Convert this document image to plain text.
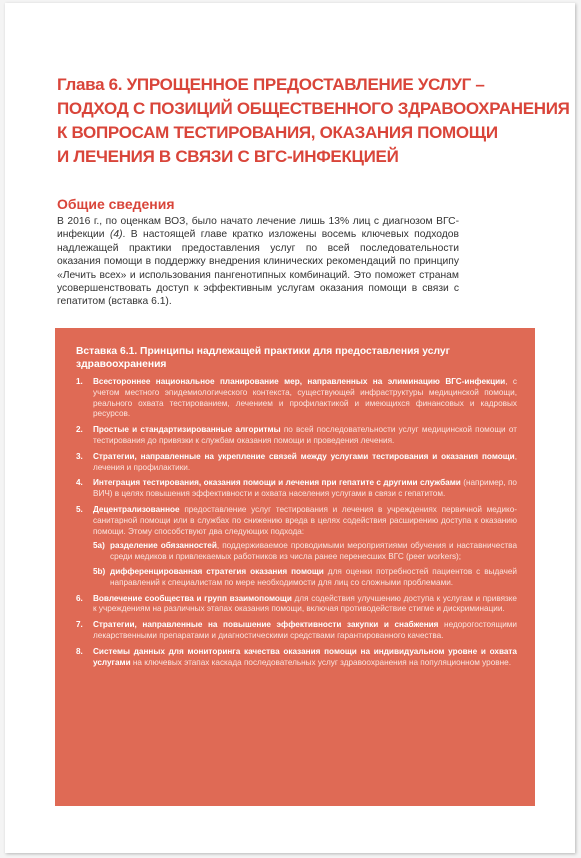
Глава 6. УПРОЩЕННОЕ ПРЕДОСТАВЛЕНИЕ УСЛУГ –
ПОДХОД С ПОЗИЦИЙ ОБЩЕСТВЕННОГО ЗДРАВООХРАНЕНИЯ
К ВОПРОСАМ ТЕСТИРОВАНИЯ, ОКАЗАНИЯ ПОМОЩИ
И ЛЕЧЕНИЯ В СВЯЗИ С ВГС-ИНФЕКЦИЕЙ
Общие сведения

В 2016 г., по оценкам ВОЗ, было начато лечение лишь 13% лиц с диагнозом ВГС-инфекции (4). В настоящей главе кратко изложены восемь ключевых подходов надлежащей практики предоставления услуг по всей последовательности оказания помощи в поддержку внедрения клинических рекомендаций по принципу «Лечить всех» и использования пангенотипных комбинаций. Это поможет странам усовершенствовать доступ к эффективным услугам оказания помощи в связи с гепатитом (вставка 6.1).

Вставка 6.1. Принципы надлежащей практики для предоставления услуг здравоохранения
1. Всестороннее национальное планирование мер, направленных на элиминацию ВГС-инфекции, с учетом местного эпидемиологического контекста, существующей инфраструктуры медицинской помощи, реального охвата тестированием, лечением и профилактикой и имеющихся финансовых и кадровых ресурсов.
2. Простые и стандартизированные алгоритмы по всей последовательности услуг медицинской помощи от тестирования до привязки к службам оказания помощи и проведения лечения.
3. Стратегии, направленные на укрепление связей между услугами тестирования и оказания помощи, лечения и профилактики.
4. Интеграция тестирования, оказания помощи и лечения при гепатите с другими службами (например, по ВИЧ) в целях повышения эффективности и охвата населения услугами в связи с гепатитом.
5. Децентрализованное предоставление услуг тестирования и лечения в учреждениях первичной медико-санитарной помощи или в службах по снижению вреда в целях содействия расширению доступа к оказанию помощи. Этому способствуют два следующих подхода:
5a) разделение обязанностей, поддерживаемое проводимыми мероприятиями обучения и наставничества среди медиков и привлекаемых работников из числа ранее перенесших ВГС (peer workers);
5b) дифференцированная стратегия оказания помощи для оценки потребностей пациентов с выдачей направлений к специалистам по мере необходимости для лиц со сложными проблемами.
6. Вовлечение сообщества и групп взаимопомощи для содействия улучшению доступа к услугам и привязке к учреждениям на различных этапах оказания помощи, включая противодействие стигме и дискриминации.
7. Стратегии, направленные на повышение эффективности закупки и снабжения недорогостоящими лекарственными препаратами и диагностическими средствами гарантированного качества.
8. Системы данных для мониторинга качества оказания помощи на индивидуальном уровне и охвата услугами на ключевых этапах каскада последовательных услуг здравоохранения на популяционном уровне.
